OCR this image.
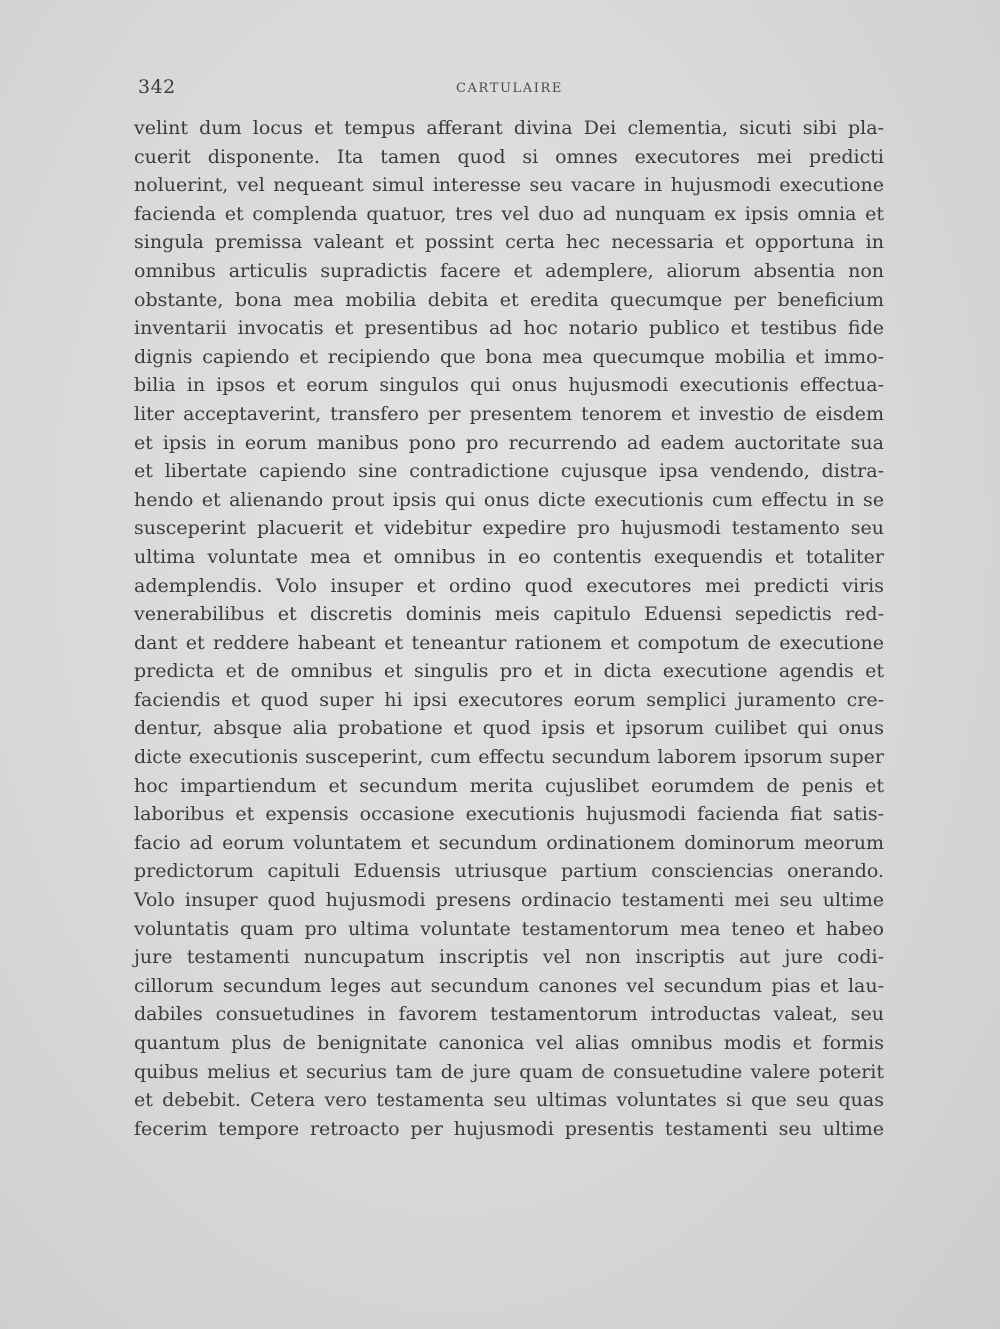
342	CARTULAIRE
velint dum locus et tempus afferant divina Dei clementia, sicuti sibi pla-
cuerit disponente. Ita tamen quod si omnes executores mei predicti
noluerint, vel nequeant simul interesse seu vacare in hujusmodi executione
facienda et complenda quatuor, tres vel duo ad nunquam ex ipsis omnia et
singula premissa valeant et possint certa hec necessaria et opportuna in
omnibus articulis supradictis facere et ademplere, aliorum absentia non
obstante, bona mea mobilia debita et eredita quecumque per beneficium
inventarii invocatis et presentibus ad hoc notario publico et testibus fide
dignis capiendo et recipiendo que bona mea quecumque mobilia et immo-
bilia in ipsos et eorum singulos qui onus hujusmodi executionis effectua-
liter acceptaverint, transfero per presentem tenorem et investio de eisdem
et ipsis in eorum manibus pono pro recurrendo ad eadem auctoritate sua
et libertate capiendo sine contradictione cujusque ipsa vendendo, distra-
hendo et alienando prout ipsis qui onus dicte executionis cum effectu in se
susceperint placuerit et videbitur expedire pro hujusmodi testamento seu
ultima voluntate mea et omnibus in eo contentis exequendis et totaliter
ademplendis. Volo insuper et ordino quod executores mei predicti viris
venerabilibus et discretis dominis meis capitulo Eduensi sepedictis red-
dant et reddere habeant et teneantur rationem et compotum de executione
predicta et de omnibus et singulis pro et in dicta executione agendis et
faciendis et quod super hi ipsi executores eorum semplici juramento cre-
dentur, absque alia probatione et quod ipsis et ipsorum cuilibet qui onus
dicte executionis susceperint, cum effectu secundum laborem ipsorum super
hoc impartiendum et secundum merita cujuslibet eorumdem de penis et
laboribus et expensis occasione executionis hujusmodi facienda fiat satis-
facio ad eorum voluntatem et secundum ordinationem dominorum meorum
predictorum capituli Eduensis utriusque partium consciencias onerando.
Volo insuper quod hujusmodi presens ordinacio testamenti mei seu ultime
voluntatis quam pro ultima voluntate testamentorum mea teneo et habeo
jure testamenti nuncupatum inscriptis vel non inscriptis aut jure codi-
cillorum secundum leges aut secundum canones vel secundum pias et lau-
dabiles consuetudines in favorem testamentorum introductas valeat, seu
quantum plus de benignitate canonica vel alias omnibus modis et formis
quibus melius et securius tam de jure quam de consuetudine valere poterit
et debebit. Cetera vero testamenta seu ultimas voluntates si que seu quas
fecerim tempore retroacto per hujusmodi presentis testamenti seu ultime
